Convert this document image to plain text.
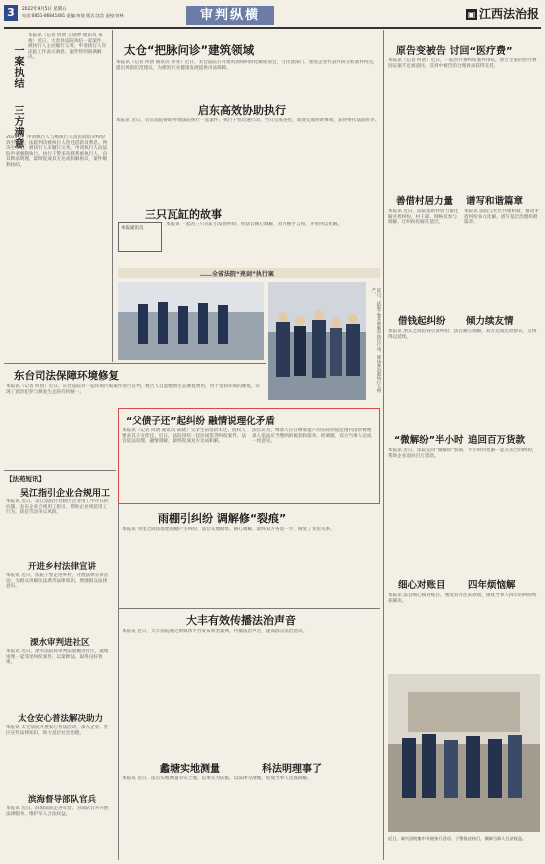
3	2022年9月5日 星期五
电话:0851-86841481 责编:何倩 版式:沈浩 责校:何林	审判纵横	▣ 江西法治报
一案执结
三方满意
本报讯（记者 何倩 王晓婷 通讯员 朱俊）近日，大余县法院执结一起案件，被执行人主动履行义务，申请执行人对法院工作表示满意，案件得到圆满解决。
2021年，申请执行人与被执行人因民间借贷纠纷诉至法院，法院判决被执行人偿还借款及利息。判决生效后，被执行人未履行义务，申请执行人向法院申请强制执行。执行干警多次联系被执行人，向其释法明理，最终促成双方达成和解协议，案件顺利执结。
东台司法保障环境修复
本报讯（记者 何倩）近日，东台法院对一起环境污染案件进行宣判，被告人自愿缴纳生态修复费用，用于受损环境的修复，实现了惩治犯罪与修复生态的有机统一。
【法苑短讯】
吴江指引企业合规用工
本报讯 近日，吴江法院针对辖区企业用工中存在的问题，发布企业合规用工指引，帮助企业规范用工行为，防范劳动争议风险。
开进乡村法律宣讲
本报讯 近日，法院干警走进乡村，开展法律宣讲活动，为群众讲解民法典等法律知识，增强群众法律意识。
溧水审判进社区
本报讯 近日，溧水法院将审判法庭搬进社区，就地审理一起邻里纠纷案件，以案释法，取得良好效果。
太仓安心普法解决助力
本报讯 太仓法院开展安心普法活动，深入企业、社区宣传法律知识，助力基层社会治理。
滨海督导部队官兵
本报讯 近日，滨海法院走进军营，为部队官兵开展法律服务，维护军人合法权益。
太仓“把脉问诊”建筑领域
本报讯（记者 何倩 通讯员 李亚）近日，太仓法院召开建筑领域纠纷化解座谈会，与住建部门、建筑企业代表共同分析案件特点，提出风险防范建议，为建筑行业健康发展提供司法保障。
启东高效协助执行
本报讯 近日，启东法院协助外地法院执行一起案件，执行干警迅速行动，当日完成查控，高效完成协助事项，获得委托法院好评。
三只瓦缸的故事
本报通讯员
本报讯 一起因三只瓦缸引发的纠纷，经法官耐心调解，双方握手言和，矛盾得以化解。
……全省法院“亮剑”执行案
近日，法院干警开展集中执行行动，现场查封被执行人财产。
“父债子还”起纠纷 融情说理化矛盾
本报讯（记者 何倩 通讯员 陈晓）父亲生前借款未还，债权人要求其子女偿还。近日，法院审结一起民间借贷纠纷案件，法官依法说理，融情调解，最终促成双方达成和解。
法官认为，继承人应在继承遗产的实际价值范围内清偿被继承人依法应当缴纳的税款和债务。经调解，双方当事人达成一致意见。
雨棚引纠纷 调解修“裂痕”
本报讯 邻里之间因搭建雨棚产生纠纷，法官实地勘察，耐心调解，最终双方各退一步，修复了邻里关系。
大丰有效传播法治声音
本报讯 近日，大丰法院通过新媒体平台发布典型案例，传播法治声音，提高群众法治意识。
蠡塘实地测量	科法明理事了
本报讯 近日，法官实地测量争议土地，以事实为依据，以法律为准绳，促成当事人达成调解。
原告变被告 讨回“医疗费”
本报讯（记者 何倩）近日，一起医疗费纠纷案件审结，原告主张的医疗费因证据不足被驳回，反诉中被告的合理诉求获得支持。
善借村居力量 谱写和谐篇章
本报讯 近日，法院借助村居力量化解矛盾纠纷，村干部、网格员参与调解，让纠纷化解在基层。
本报讯 法院与社区共建和谐，推动矛盾纠纷多元化解，谱写基层治理和谐篇章。
借钱起纠纷 倾力续友情
本报讯 朋友之间借钱引发纠纷，法官耐心调解，双方达成还款协议，友情得以延续。
“微解纷”半小时 追回百万货款
本报讯 近日，法院运用“微解纷”机制，半小时内化解一起买卖合同纠纷，帮助企业追回百万货款。
细心对账目 四年烦恼解
本报讯 法官细心核对账目，厘清双方往来款项，困扰当事人四年的纠纷终获解决。
近日，泰兴法院集中开展执行活动，干警依法执行，保障当事人合法权益。
